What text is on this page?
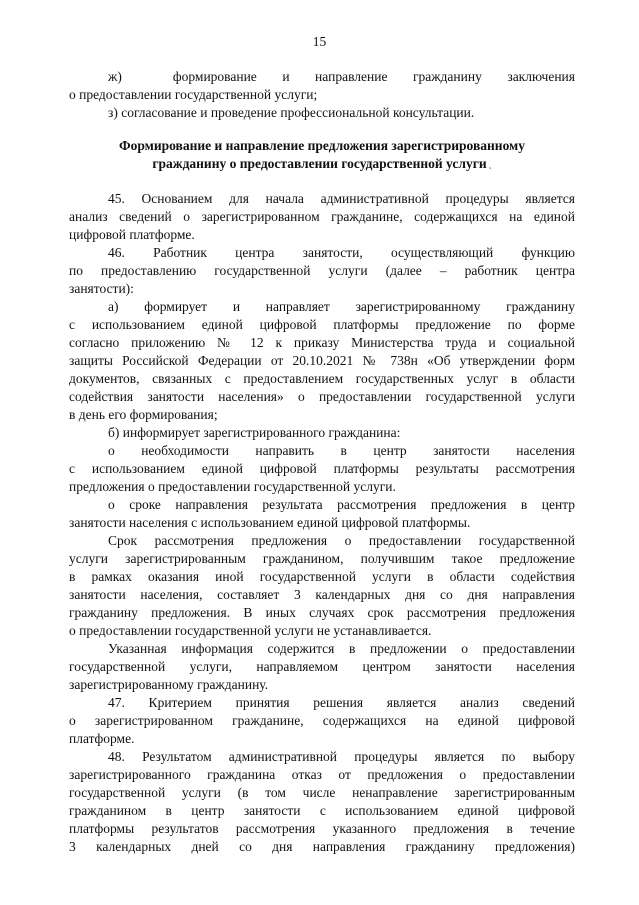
15
ж)    формирование  и  направление  гражданину  заключения
о предоставлении государственной услуги;
з) согласование и проведение профессиональной консультации.
Формирование и направление предложения зарегистрированному
гражданину о предоставлении государственной услуги ˎ
45. Основанием для начала административной процедуры является
анализ сведений о зарегистрированном гражданине, содержащихся на единой
цифровой платформе.
46.  Работник  центра  занятости,  осуществляющий  функцию
по предоставлению государственной услуги (далее – работник центра
занятости):
а)  формирует  и  направляет  зарегистрированному  гражданину
с использованием единой цифровой платформы предложение по форме
согласно приложению № 12 к приказу Министерства труда и социальной
защиты Российской Федерации от 20.10.2021 № 738н «Об утверждении форм
документов, связанных с предоставлением государственных услуг в области
содействия занятости населения» о предоставлении государственной услуги
в день его формирования;
б) информирует зарегистрированного гражданина:
о   необходимости   направить   в   центр   занятости   населения
с использованием единой цифровой платформы результаты рассмотрения
предложения о предоставлении государственной услуги.
о сроке направления результата рассмотрения предложения в центр
занятости населения с использованием единой цифровой платформы.
Срок рассмотрения предложения о предоставлении государственной
услуги зарегистрированным гражданином, получившим такое предложение
в рамках оказания иной государственной услуги в области содействия
занятости населения, составляет 3 календарных дня со дня направления
гражданину предложения. В иных случаях срок рассмотрения предложения
о предоставлении государственной услуги не устанавливается.
Указанная информация содержится в предложении о предоставлении
государственной  услуги,  направляемом  центром  занятости  населения
зарегистрированному гражданину.
47.  Критерием  принятия  решения  является  анализ  сведений
о зарегистрированном гражданине, содержащихся на единой цифровой
платформе.
48. Результатом административной процедуры является по выбору
зарегистрированного гражданина отказ от предложения о предоставлении
государственной услуги (в том числе ненаправление зарегистрированным
гражданином в центр занятости с использованием единой цифровой
платформы результатов рассмотрения указанного предложения в течение
3  календарных  дней  со  дня  направления  гражданину  предложения)
